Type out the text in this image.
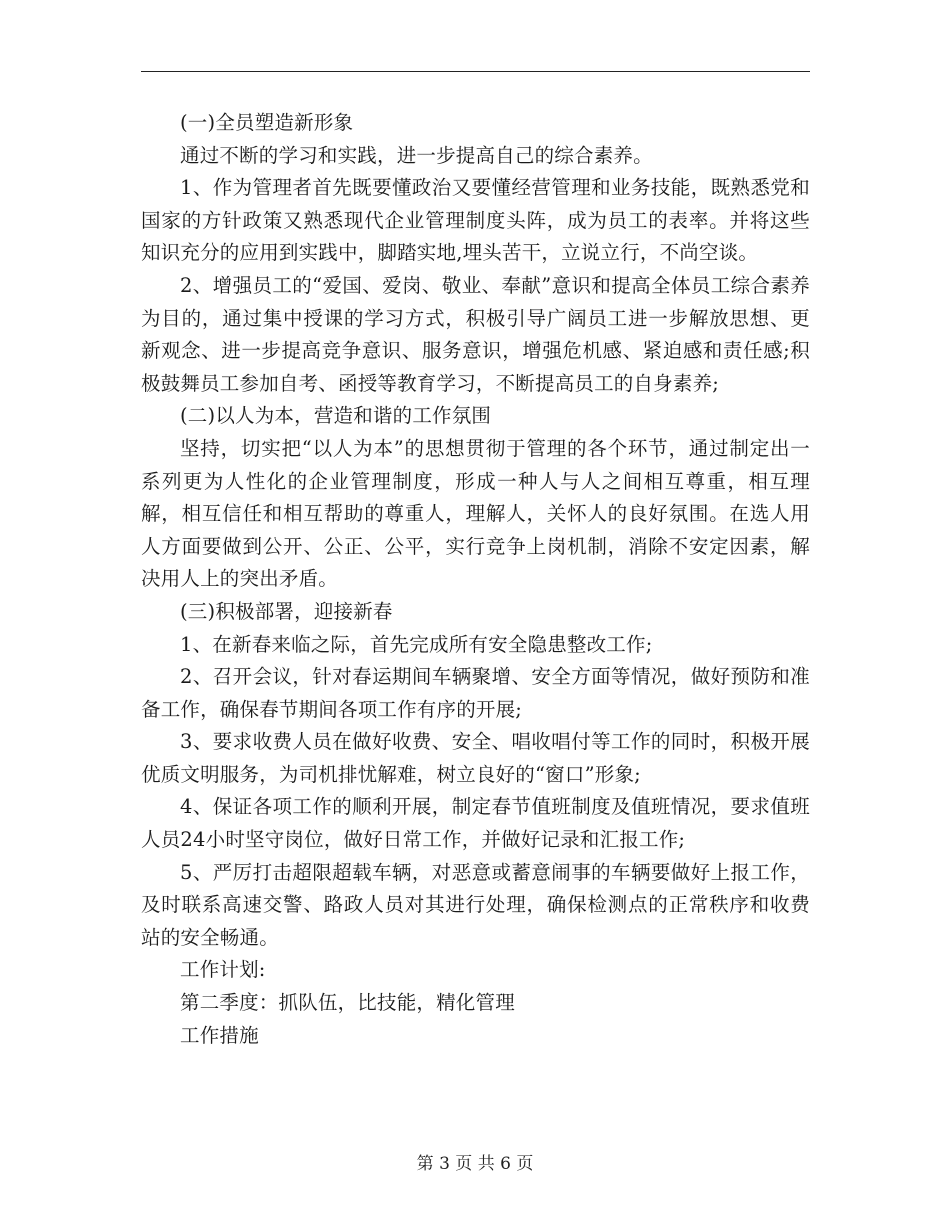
(一)全员塑造新形象

通过不断的学习和实践，进一步提高自己的综合素养。

1、作为管理者首先既要懂政治又要懂经营管理和业务技能，既熟悉党和国家的方针政策又熟悉现代企业管理制度头阵，成为员工的表率。并将这些知识充分的应用到实践中，脚踏实地,埋头苦干，立说立行，不尚空谈。

2、增强员工的“爱国、爱岗、敬业、奉献”意识和提高全体员工综合素养为目的，通过集中授课的学习方式，积极引导广阔员工进一步解放思想、更新观念、进一步提高竞争意识、服务意识，增强危机感、紧迫感和责任感;积极鼓舞员工参加自考、函授等教育学习，不断提高员工的自身素养;

(二)以人为本，营造和谐的工作氛围

坚持，切实把“以人为本”的思想贯彻于管理的各个环节，通过制定出一系列更为人性化的企业管理制度，形成一种人与人之间相互尊重，相互理解，相互信任和相互帮助的尊重人，理解人，关怀人的良好氛围。在选人用人方面要做到公开、公正、公平，实行竞争上岗机制，消除不安定因素，解决用人上的突出矛盾。

(三)积极部署，迎接新春

1、在新春来临之际，首先完成所有安全隐患整改工作;

2、召开会议，针对春运期间车辆聚增、安全方面等情况，做好预防和准备工作，确保春节期间各项工作有序的开展;

3、要求收费人员在做好收费、安全、唱收唱付等工作的同时，积极开展优质文明服务，为司机排忧解难，树立良好的“窗口”形象;

4、保证各项工作的顺利开展，制定春节值班制度及值班情况，要求值班人员24小时坚守岗位，做好日常工作，并做好记录和汇报工作;

5、严厉打击超限超载车辆，对恶意或蓄意闹事的车辆要做好上报工作，及时联系高速交警、路政人员对其进行处理，确保检测点的正常秩序和收费站的安全畅通。

工作计划:

第二季度：抓队伍，比技能，精化管理

工作措施

第 3 页 共 6 页
